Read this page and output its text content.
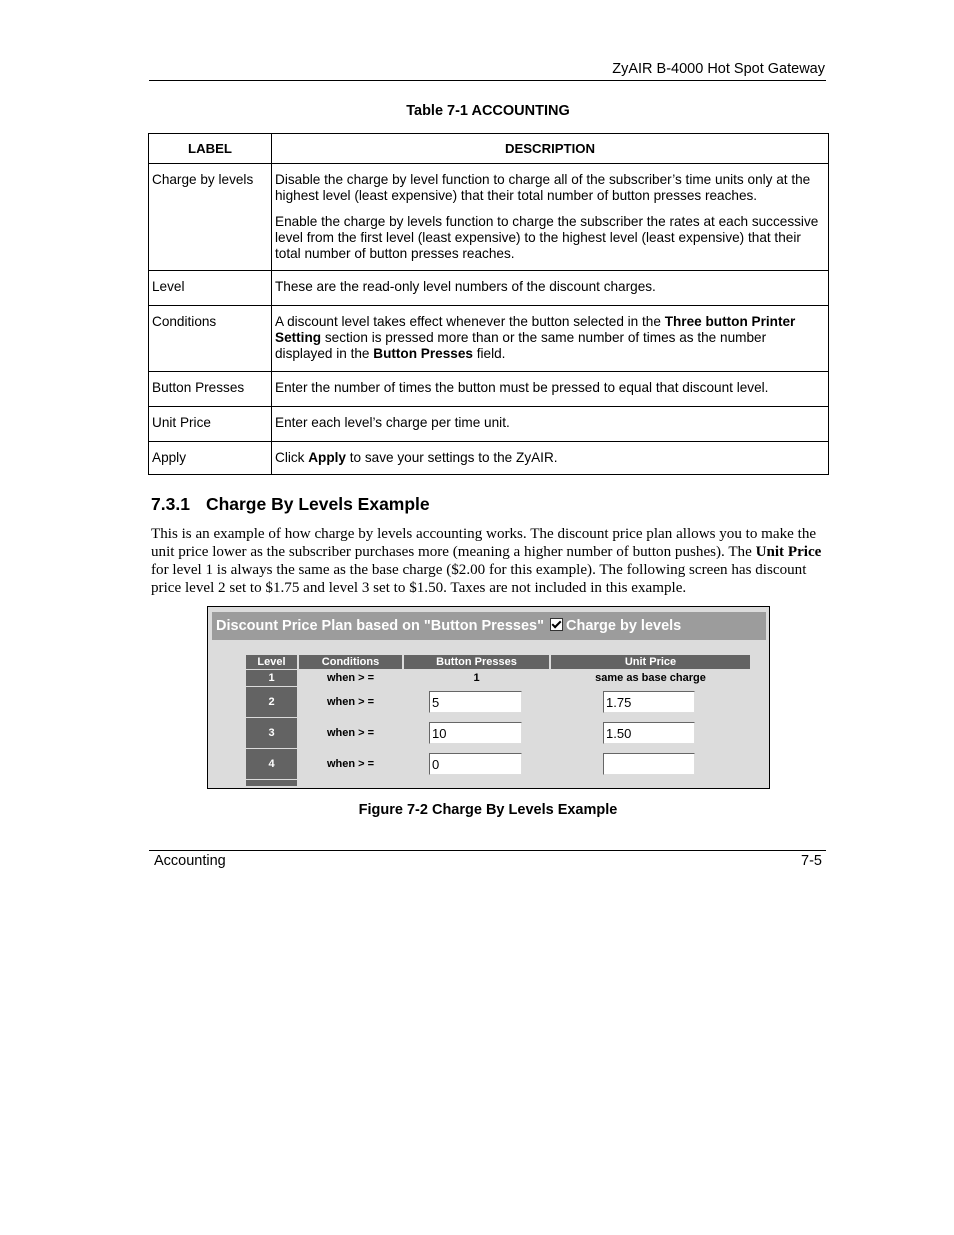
ZyAIR B-4000 Hot Spot Gateway
Table 7-1 ACCOUNTING
LABEL	DESCRIPTION
Charge by levels	Disable the charge by level function to charge all of the subscriber’s time units only at the highest level (least expensive) that their total number of button presses reaches.

Enable the charge by levels function to charge the subscriber the rates at each successive level from the first level (least expensive) to the highest level (least expensive) that their total number of button presses reaches.

Level	These are the read-only level numbers of the discount charges.
Conditions	A discount level takes effect whenever the button selected in the Three button Printer Setting section is pressed more than or the same number of times as the number displayed in the Button Presses field.
Button Presses	Enter the number of times the button must be pressed to equal that discount level.
Unit Price	Enter each level’s charge per time unit.
Apply	Click Apply to save your settings to the ZyAIR.
7.3.1 Charge By Levels Example

This is an example of how charge by levels accounting works. The discount price plan allows you to make the unit price lower as the subscriber purchases more (meaning a higher number of button pushes). The Unit Price for level 1 is always the same as the base charge ($2.00 for this example). The following screen has discount price level 2 set to $1.75 and level 3 set to $1.50. Taxes are not included in this example.

Discount Price Plan based on "Button Presses" Charge by levels
Level	Conditions	Button Presses	Unit Price
1	when > =	1	same as base charge
2	when > =	5	1.75
3	when > =	10	1.50
4	when > =	0	

Figure 7-2 Charge By Levels Example
Accounting	7-5
